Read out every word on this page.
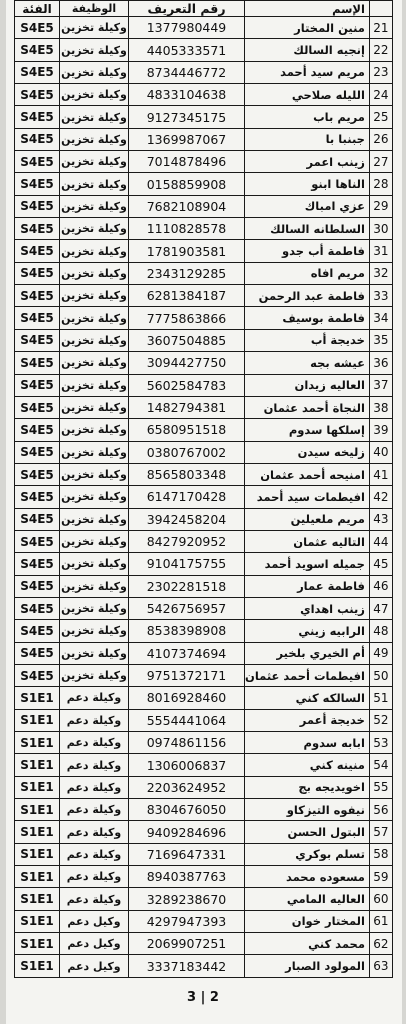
	الإسم	رقم التعريف	الوظيفة	الفئة
21	منين المختار	1377980449	وكيلة تخزين	S4E5
22	إنجيه السالك	4405333571	وكيلة تخزين	S4E5
23	مريم سيد أحمد	8734446772	وكيلة تخزين	S4E5
24	الليله صلاحي	4833104638	وكيلة تخزين	S4E5
25	مريم باب	9127345175	وكيلة تخزين	S4E5
26	جبنبا با	1369987067	وكيلة تخزين	S4E5
27	زينب اعمر	7014878496	وكيلة تخزين	S4E5
28	الناها ابنو	0158859908	وكيلة تخزين	S4E5
29	عزي امباك	7682108904	وكيلة تخزين	S4E5
30	السلطانه السالك	1110828578	وكيلة تخزين	S4E5
31	فاطمة أب جدو	1781903581	وكيلة تخزين	S4E5
32	مريم افاه	2343129285	وكيلة تخزين	S4E5
33	فاطمة عبد الرحمن	6281384187	وكيلة تخزين	S4E5
34	فاطمة بوسيف	7775863866	وكيلة تخزين	S4E5
35	خديجة أب	3607504885	وكيلة تخزين	S4E5
36	عيشه بجه	3094427750	وكيلة تخزين	S4E5
37	العاليه زيدان	5602584783	وكيلة تخزين	S4E5
38	النجاة أحمد عثمان	1482794381	وكيلة تخزين	S4E5
39	إسلكها سدوم	6580951518	وكيلة تخزين	S4E5
40	زليخه سيدن	0380767002	وكيلة تخزين	S4E5
41	امنيحه أحمد عثمان	8565803348	وكيلة تخزين	S4E5
42	افيطمات سيد أحمد	6147170428	وكيلة تخزين	S4E5
43	مريم ملعيلين	3942458204	وكيلة تخزين	S4E5
44	التاليه عثمان	8427920952	وكيلة تخزين	S4E5
45	جميله اسويد أحمد	9104175755	وكيلة تخزين	S4E5
46	فاطمة عمار	2302281518	وكيلة تخزين	S4E5
47	زينب اهداي	5426756957	وكيلة تخزين	S4E5
48	الرابيه زيني	8538398908	وكيلة تخزين	S4E5
49	أم الخيري بلخير	4107374694	وكيلة تخزين	S4E5
50	افيطمات أحمد عثمان	9751372171	وكيلة تخزين	S4E5
51	السالكه كني	8016928460	وكيلة دعم	S1E1
52	خديجة أعمر	5554441064	وكيلة دعم	S1E1
53	ابابه سدوم	0974861156	وكيلة دعم	S1E1
54	منينه كني	1306006837	وكيلة دعم	S1E1
55	اخويديجه بج	2203624952	وكيلة دعم	S1E1
56	نيفوه التيزكاو	8304676050	وكيلة دعم	S1E1
57	البتول الحسن	9409284696	وكيلة دعم	S1E1
58	تسلم بوكري	7169647331	وكيلة دعم	S1E1
59	مسعوده محمد	8940387763	وكيلة دعم	S1E1
60	العاليه المامي	3289238670	وكيلة دعم	S1E1
61	المختار خوان	4297947393	وكيل دعم	S1E1
62	محمد كني	2069907251	وكيل دعم	S1E1
63	المولود الصبار	3337183442	وكيل دعم	S1E1
3 | 2
